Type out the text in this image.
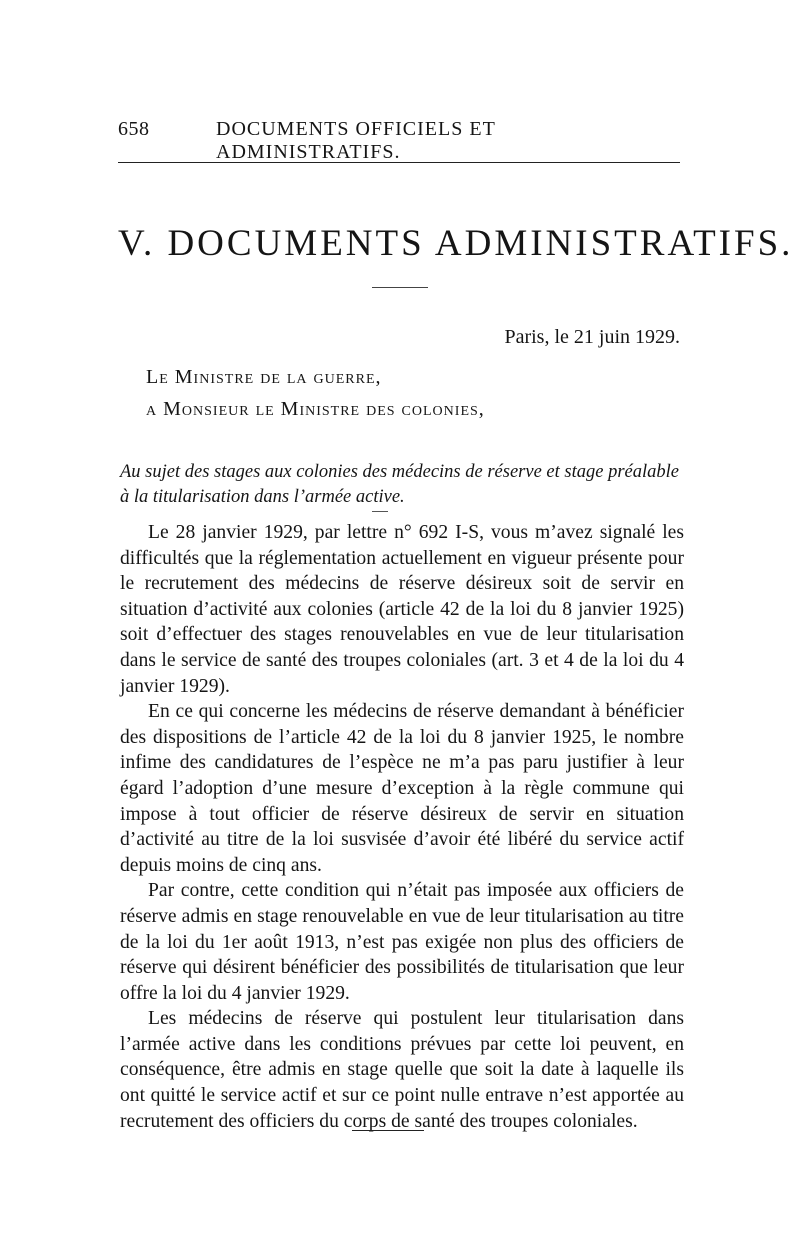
658	DOCUMENTS OFFICIELS ET ADMINISTRATIFS.
V. DOCUMENTS ADMINISTRATIFS.
Paris, le 21 juin 1929.
Le Ministre de la guerre,
a Monsieur le Ministre des colonies,
Au sujet des stages aux colonies des médecins de réserve et stage préalable à la titularisation dans l’armée active.

Le 28 janvier 1929, par lettre n° 692 I-S, vous m’avez signalé les difficultés que la réglementation actuellement en vigueur présente pour le recrutement des médecins de réserve désireux soit de servir en situation d’activité aux colonies (article 42 de la loi du 8 janvier 1925) soit d’effectuer des stages renouvelables en vue de leur titularisation dans le service de santé des troupes coloniales (art. 3 et 4 de la loi du 4 janvier 1929).

En ce qui concerne les médecins de réserve demandant à bénéficier des dispositions de l’article 42 de la loi du 8 janvier 1925, le nombre infime des candidatures de l’espèce ne m’a pas paru justifier à leur égard l’adoption d’une mesure d’exception à la règle commune qui impose à tout officier de réserve désireux de servir en situation d’activité au titre de la loi susvisée d’avoir été libéré du service actif depuis moins de cinq ans.

Par contre, cette condition qui n’était pas imposée aux officiers de réserve admis en stage renouvelable en vue de leur titularisation au titre de la loi du 1er août 1913, n’est pas exigée non plus des officiers de réserve qui désirent bénéficier des possibilités de titularisation que leur offre la loi du 4 janvier 1929.

Les médecins de réserve qui postulent leur titularisation dans l’armée active dans les conditions prévues par cette loi peuvent, en conséquence, être admis en stage quelle que soit la date à laquelle ils ont quitté le service actif et sur ce point nulle entrave n’est apportée au recrutement des officiers du corps de santé des troupes coloniales.
